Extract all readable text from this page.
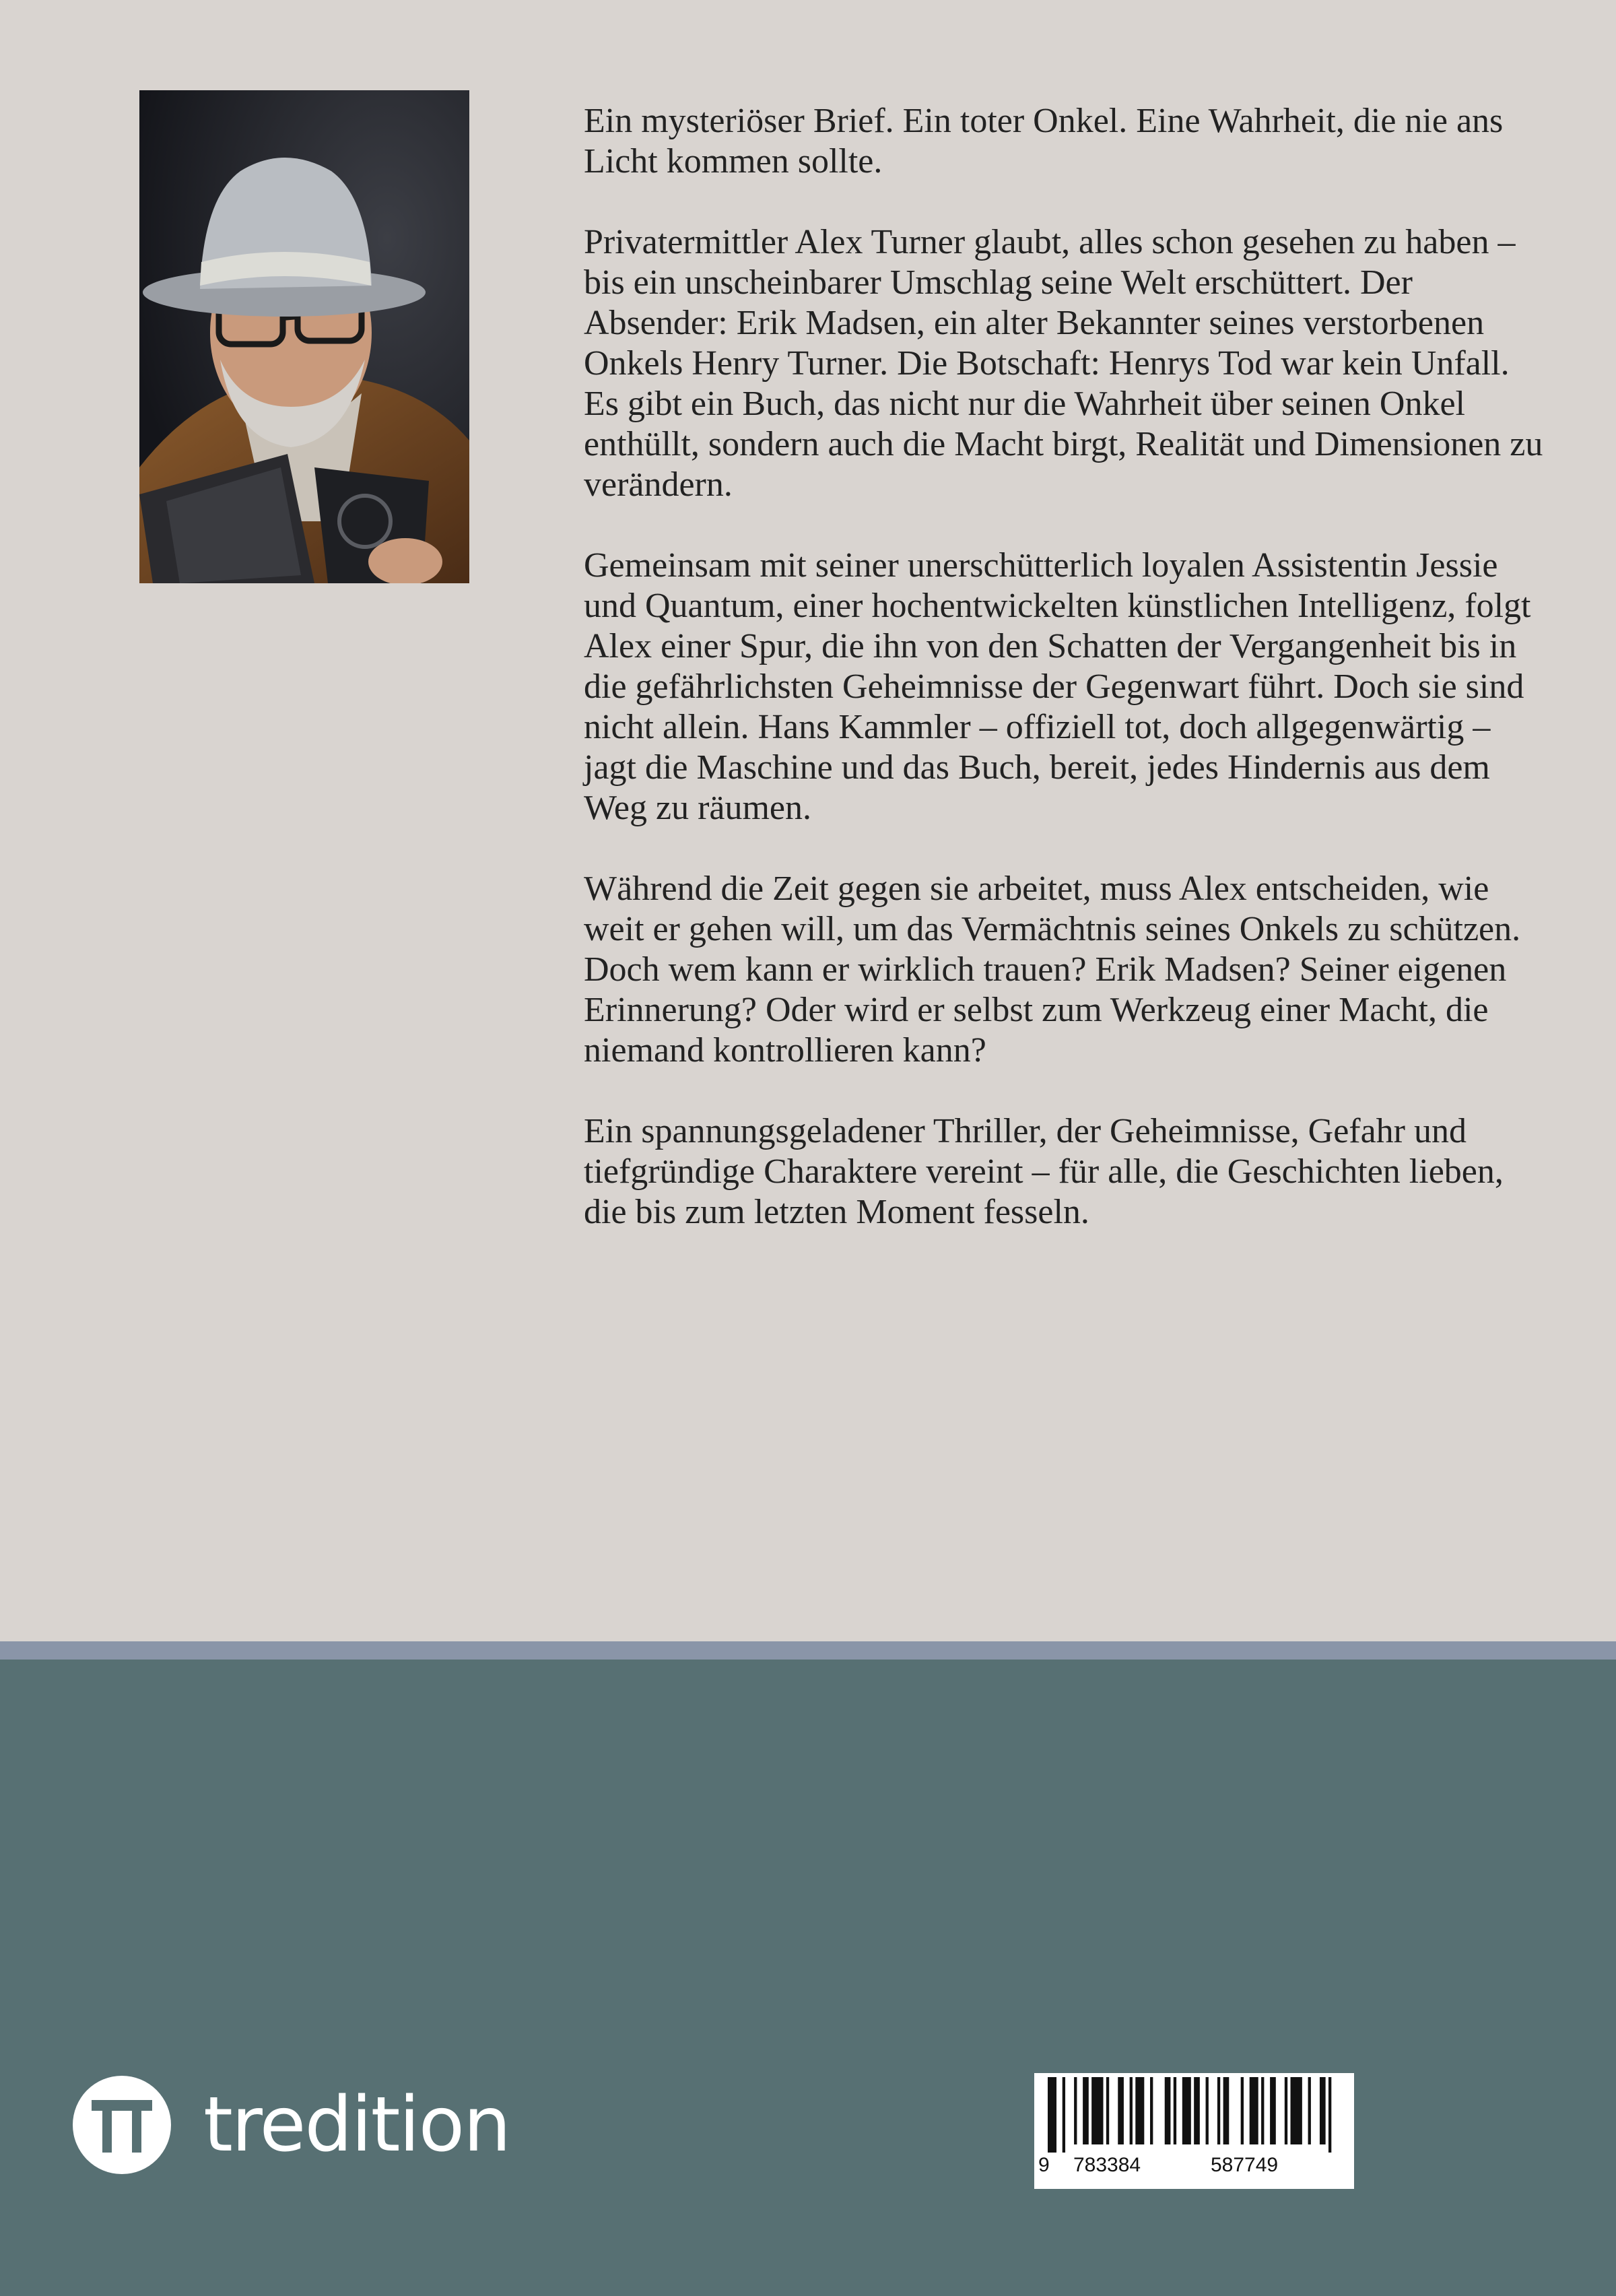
Ein mysteriöser Brief. Ein toter Onkel. Eine Wahrheit, die nie ans Licht kommen sollte.

Privatermittler Alex Turner glaubt, alles schon gesehen zu haben – bis ein unscheinbarer Umschlag seine Welt erschüttert. Der Absender: Erik Madsen, ein alter Bekannter seines verstorbenen Onkels Henry Turner. Die Botschaft: Henrys Tod war kein Unfall. Es gibt ein Buch, das nicht nur die Wahrheit über seinen Onkel enthüllt, sondern auch die Macht birgt, Realität und Dimensionen zu verändern.

Gemeinsam mit seiner unerschütterlich loyalen Assistentin Jessie und Quantum, einer hochentwickelten künstlichen Intelligenz, folgt Alex einer Spur, die ihn von den Schatten der Vergangenheit bis in die gefährlichsten Geheimnisse der Gegenwart führt. Doch sie sind nicht allein. Hans Kammler – offiziell tot, doch allgegenwärtig – jagt die Maschine und das Buch, bereit, jedes Hindernis aus dem Weg zu räumen.

Während die Zeit gegen sie arbeitet, muss Alex entscheiden, wie weit er gehen will, um das Vermächtnis seines Onkels zu schützen. Doch wem kann er wirklich trauen? Erik Madsen? Seiner eigenen Erinnerung? Oder wird er selbst zum Werkzeug einer Macht, die niemand kontrollieren kann?

Ein spannungsgeladener Thriller, der Geheimnisse, Gefahr und tiefgründige Charaktere vereint – für alle, die Geschichten lieben, die bis zum letzten Moment fesseln.

tredition	9 783384	587749
